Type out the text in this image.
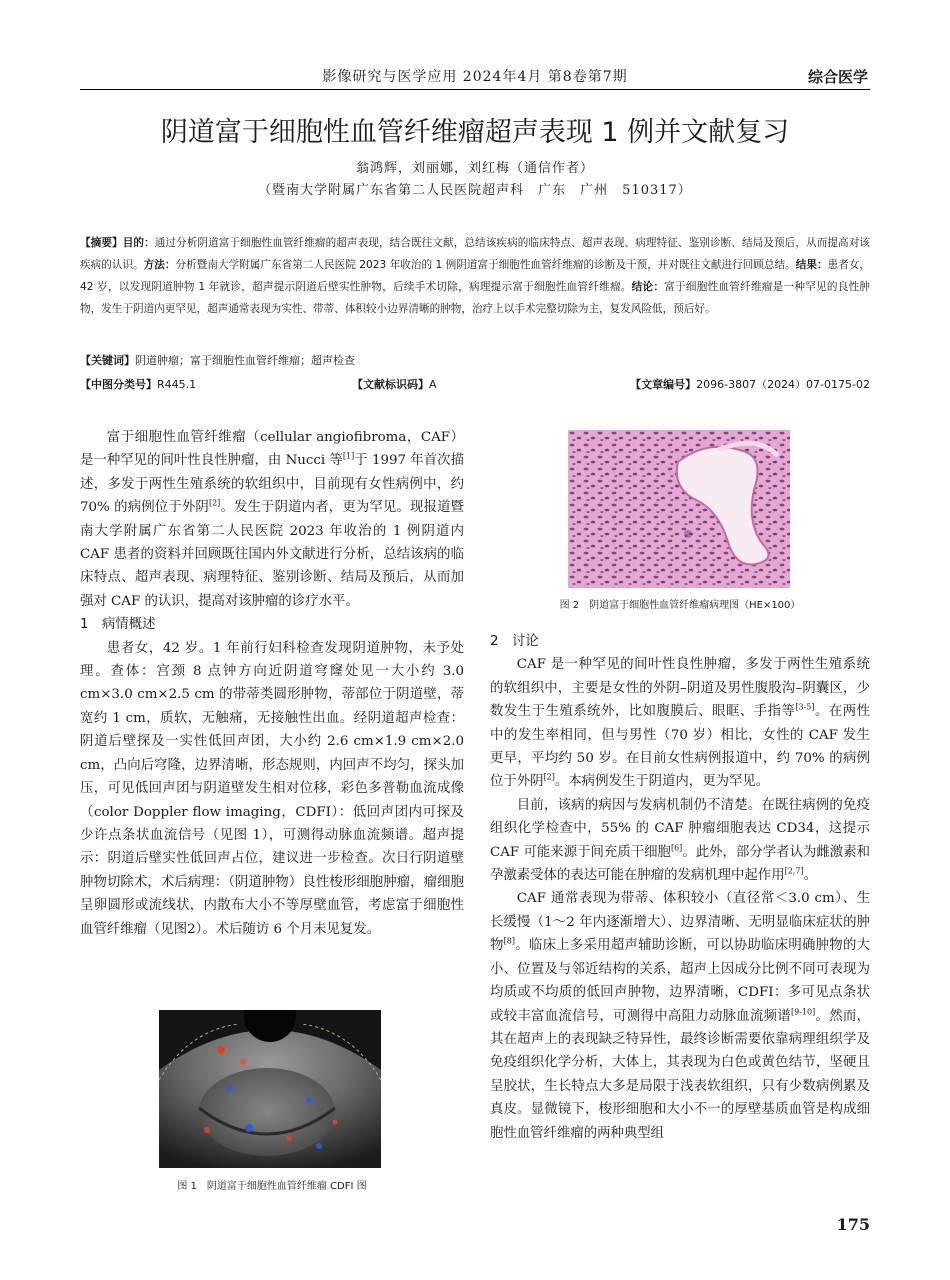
影像研究与医学应用 2024年4月 第8卷第7期	综合医学
阴道富于细胞性血管纤维瘤超声表现 1 例并文献复习
翁鸿辉，刘丽娜，刘红梅（通信作者）
（暨南大学附属广东省第二人民医院超声科　广东　广州　510317）
【摘要】目的：通过分析阴道富于细胞性血管纤维瘤的超声表现，结合既往文献，总结该疾病的临床特点、超声表现、病理特征、鉴别诊断、结局及预后，从而提高对该疾病的认识。方法：分析暨南大学附属广东省第二人民医院 2023 年收治的 1 例阴道富于细胞性血管纤维瘤的诊断及干预，并对既往文献进行回顾总结。结果：患者女，42 岁，以发现阴道肿物 1 年就诊，超声提示阴道后壁实性肿物，后续手术切除，病理提示富于细胞性血管纤维瘤。结论：富于细胞性血管纤维瘤是一种罕见的良性肿物，发生于阴道内更罕见，超声通常表现为实性、带蒂、体积较小边界清晰的肿物，治疗上以手术完整切除为主，复发风险低，预后好。
【关键词】阴道肿瘤；富于细胞性血管纤维瘤；超声检查
【中图分类号】R445.1	【文献标识码】A	【文章编号】2096-3807（2024）07-0175-02

富于细胞性血管纤维瘤（cellular angiofibroma，CAF）是一种罕见的间叶性良性肿瘤，由 Nucci 等[1]于 1997 年首次描述，多发于两性生殖系统的软组织中，目前现有女性病例中，约 70% 的病例位于外阴[2]。发生于阴道内者，更为罕见。现报道暨南大学附属广东省第二人民医院 2023 年收治的 1 例阴道内 CAF 患者的资料并回顾既往国内外文献进行分析，总结该病的临床特点、超声表现、病理特征、鉴别诊断、结局及预后，从而加强对 CAF 的认识，提高对该肿瘤的诊疗水平。

1　病情概述

患者女，42 岁。1 年前行妇科检查发现阴道肿物，未予处理。查体：宫颈 8 点钟方向近阴道穹窿处见一大小约 3.0 cm×3.0 cm×2.5 cm 的带蒂类圆形肿物，蒂部位于阴道壁，蒂宽约 1 cm，质软，无触痛，无接触性出血。经阴道超声检查：阴道后壁探及一实性低回声团，大小约 2.6 cm×1.9 cm×2.0 cm，凸向后穹隆，边界清晰，形态规则，内回声不均匀，探头加压，可见低回声团与阴道壁发生相对位移，彩色多普勒血流成像（color Doppler flow imaging，CDFI）：低回声团内可探及少许点条状血流信号（见图 1），可测得动脉血流频谱。超声提示：阴道后壁实性低回声占位，建议进一步检查。次日行阴道壁肿物切除术，术后病理：（阴道肿物）良性梭形细胞肿瘤，瘤细胞呈卵圆形或流线状，内散布大小不等厚壁血管，考虑富于细胞性血管纤维瘤（见图2）。术后随访 6 个月未见复发。

图 1　阴道富于细胞性血管纤维瘤 CDFI 图
图 2　阴道富于细胞性血管纤维瘤病理图（HE×100）
2　讨论

CAF 是一种罕见的间叶性良性肿瘤，多发于两性生殖系统的软组织中，主要是女性的外阴–阴道及男性腹股沟–阴囊区，少数发生于生殖系统外，比如腹膜后、眼眶、手指等[3-5]。在两性中的发生率相同，但与男性（70 岁）相比，女性的 CAF 发生更早，平均约 50 岁。在目前女性病例报道中，约 70% 的病例位于外阴[2]。本病例发生于阴道内，更为罕见。

目前，该病的病因与发病机制仍不清楚。在既往病例的免疫组织化学检查中，55% 的 CAF 肿瘤细胞表达 CD34，这提示 CAF 可能来源于间充质干细胞[6]。此外，部分学者认为雌激素和孕激素受体的表达可能在肿瘤的发病机理中起作用[2,7]。

CAF 通常表现为带蒂、体积较小（直径常＜3.0 cm）、生长缓慢（1～2 年内逐渐增大）、边界清晰、无明显临床症状的肿物[8]。临床上多采用超声辅助诊断，可以协助临床明确肿物的大小、位置及与邻近结构的关系，超声上因成分比例不同可表现为均质或不均质的低回声肿物，边界清晰，CDFI：多可见点条状或较丰富血流信号，可测得中高阻力动脉血流频谱[9-10]。然而，其在超声上的表现缺乏特异性，最终诊断需要依靠病理组织学及免疫组织化学分析，大体上，其表现为白色或黄色结节，坚硬且呈胶状，生长特点大多是局限于浅表软组织，只有少数病例累及真皮。显微镜下，梭形细胞和大小不一的厚壁基质血管是构成细胞性血管纤维瘤的两种典型组

175
